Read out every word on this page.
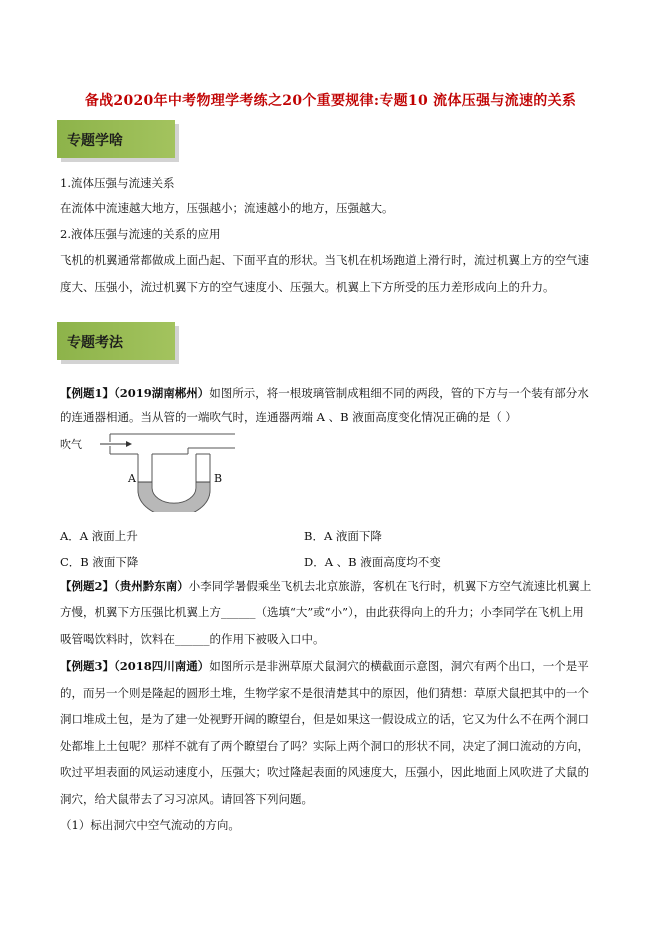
备战2020年中考物理学考练之20个重要规律:专题10 流体压强与流速的关系
专题学啥
1.流体压强与流速关系
在流体中流速越大地方，压强越小；流速越小的地方，压强越大。
2.液体压强与流速的关系的应用
飞机的机翼通常都做成上面凸起、下面平直的形状。当飞机在机场跑道上滑行时，流过机翼上方的空气速
度大、压强小，流过机翼下方的空气速度小、压强大。机翼上下方所受的压力差形成向上的升力。
专题考法
【例题1】（2019湖南郴州）如图所示，将一根玻璃管制成粗细不同的两段，管的下方与一个装有部分水
的连通器相通。当从管的一端吹气时，连通器两端 A 、B 液面高度变化情况正确的是（ ）
吹气
A	B
A．A 液面上升	B．A 液面下降
C．B 液面下降	D．A 、B 液面高度均不变
【例题2】（贵州黔东南）小李同学暑假乘坐飞机去北京旅游，客机在飞行时，机翼下方空气流速比机翼上
方慢，机翼下方压强比机翼上方______（选填“大”或“小”），由此获得向上的升力；小李同学在飞机上用
吸管喝饮料时，饮料在______的作用下被吸入口中。
【例题3】（2018四川南通）如图所示是非洲草原犬鼠洞穴的横截面示意图，洞穴有两个出口，一个是平
的，而另一个则是隆起的圆形土堆，生物学家不是很清楚其中的原因，他们猜想：草原犬鼠把其中的一个
洞口堆成土包，是为了建一处视野开阔的瞭望台，但是如果这一假设成立的话，它又为什么不在两个洞口
处都堆上土包呢？那样不就有了两个瞭望台了吗？实际上两个洞口的形状不同，决定了洞口流动的方向，
吹过平坦表面的风运动速度小，压强大；吹过隆起表面的风速度大，压强小，因此地面上风吹进了犬鼠的
洞穴，给犬鼠带去了习习凉风。请回答下列问题。
（1）标出洞穴中空气流动的方向。
